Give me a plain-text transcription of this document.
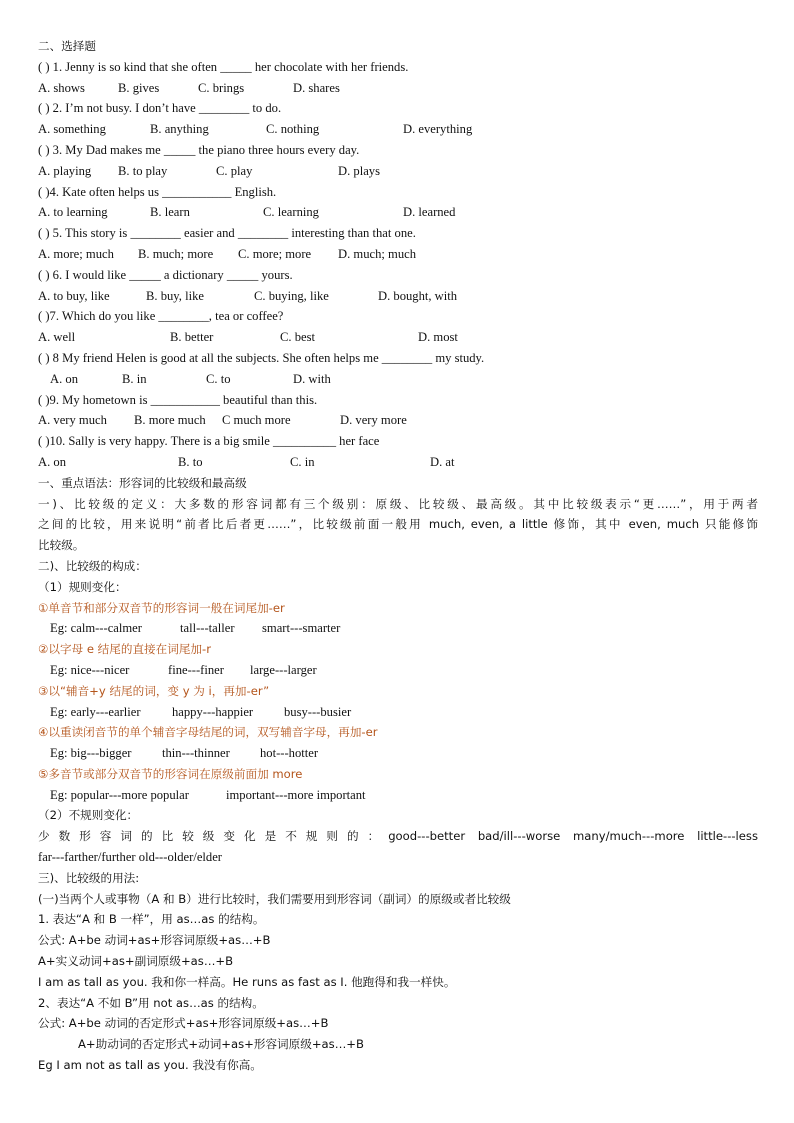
二、选择题
( ) 1. Jenny is so kind that she often _____ her chocolate with her friends.
A. shows	B. gives	C. brings	D. shares
( ) 2. I’m not busy. I don’t have ________ to do.
A. something	B. anything	C. nothing	D. everything
( ) 3. My Dad makes me _____ the piano three hours every day.
A. playing B. to play	C. play	D. plays
( )4. Kate often helps us ___________ English.
A. to learning	B. learn	C. learning	D. learned
( ) 5. This story is ________ easier and ________ interesting than that one.
A. more; much B. much; more C. more; more D. much; much
( ) 6. I would like _____ a dictionary _____ yours.
A. to buy, like	B. buy, like	C. buying, like	D. bought, with
( )7. Which do you like ________, tea or coffee?
A. well	B. better	C. best	D. most
( ) 8 My friend Helen is good at all the subjects. She often helps me ________ my study.
A. on	B. in	C. to	D. with
( )9. My hometown is ___________ beautiful than this.
A. very much B. more much C much more	D. very more
( )10. Sally is very happy. There is a big smile __________ her face
A. on	B. to	C. in	D. at
一、重点语法：形容词的比较级和最高级
一)、比较级的定义：大多数的形容词都有三个级别：原级、比较级、最高级。其中比较级表示“更……”，用于两者
之间的比较，用来说明“前者比后者更……”，比较级前面一般用 much, even, a little 修饰，其中 even, much 只能修饰
比较级。
二)、比较级的构成：
（1）规则变化：
①单音节和部分双音节的形容词一般在词尾加-er
Eg: calm---calmer	tall---taller smart---smarter
②以字母 e 结尾的直接在词尾加-r
Eg: nice---nicer	fine---finer large---larger
③以“辅音+y 结尾的词，变 y 为 i，再加-er”
Eg: early---earlier happy---happier busy---busier
④以重读闭音节的单个辅音字母结尾的词，双写辅音字母，再加-er
Eg: big---bigger thin---thinner hot---hotter
⑤多音节或部分双音节的形容词在原级前面加 more
Eg: popular---more popular	important---more important
（2）不规则变化：
少数形容词的比较级变化是不规则的：good---better bad/ill---worse many/much---more little---less
far---farther/further old---older/elder
三)、比较级的用法:
(一)当两个人或事物（A 和 B）进行比较时，我们需要用到形容词（副词）的原级或者比较级
1. 表达“A 和 B 一样”，用 as…as 的结构。
公式: A+be 动词+as+形容词原级+as…+B
A+实义动词+as+副词原级+as…+B
I am as tall as you. 我和你一样高。He runs as fast as I. 他跑得和我一样快。
2、表达“A 不如 B”用 not as…as 的结构。
公式: A+be 动词的否定形式+as+形容词原级+as…+B
A+助动词的否定形式+动词+as+形容词原级+as…+B
Eg I am not as tall as you. 我没有你高。
